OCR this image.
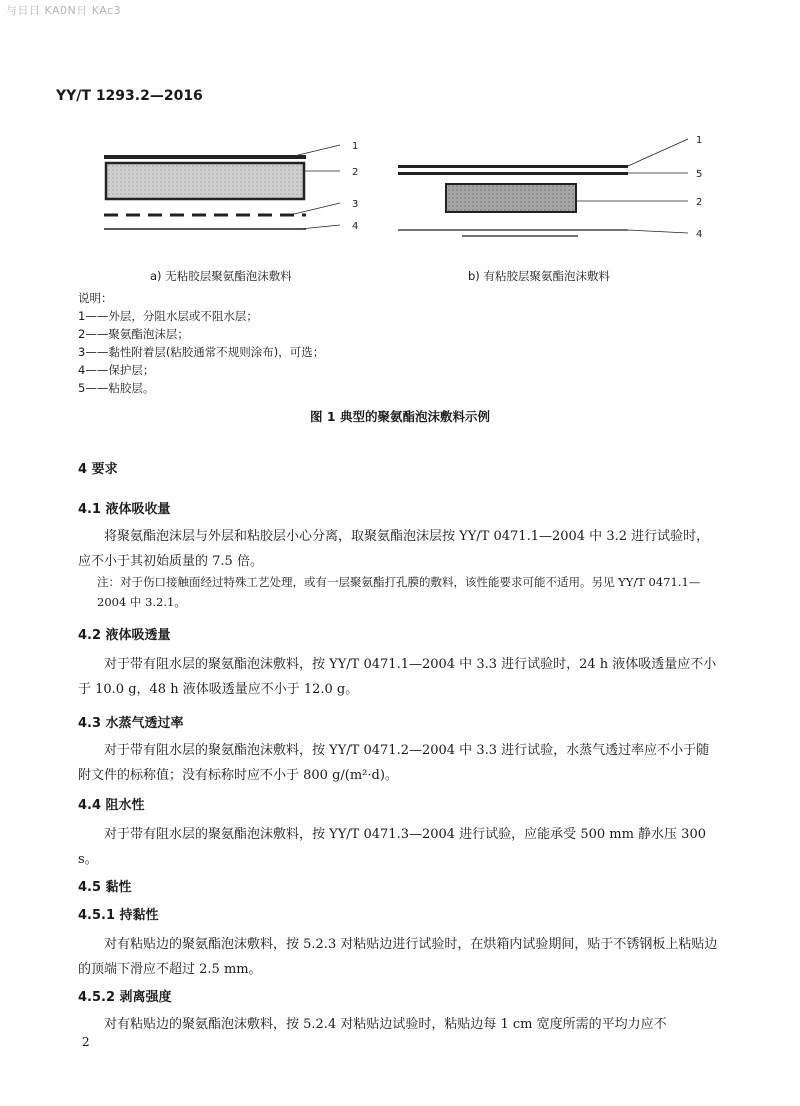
与日日 KA0N日 KAc3
YY/T 1293.2—2016
1
2
3
4
1
5
2
4
a) 无粘胶层聚氨酯泡沫敷料	b) 有粘胶层聚氨酯泡沫敷料
说明：
1——外层，分阻水层或不阻水层；
2——聚氨酯泡沫层；
3——黏性附着层(粘胶通常不规则涂布)，可选；
4——保护层；
5——粘胶层。
图 1 典型的聚氨酯泡沫敷料示例
4 要求
4.1 液体吸收量
将聚氨酯泡沫层与外层和粘胶层小心分离，取聚氨酯泡沫层按 YY/T 0471.1—2004 中 3.2 进行试验时，应不小于其初始质量的 7.5 倍。
注：对于伤口接触面经过特殊工艺处理，或有一层聚氨酯打孔膜的敷料，该性能要求可能不适用。另见 YY/T 0471.1—2004 中 3.2.1。
4.2 液体吸透量
对于带有阻水层的聚氨酯泡沫敷料，按 YY/T 0471.1—2004 中 3.3 进行试验时，24 h 液体吸透量应不小于 10.0 g，48 h 液体吸透量应不小于 12.0 g。
4.3 水蒸气透过率
对于带有阻水层的聚氨酯泡沫敷料，按 YY/T 0471.2—2004 中 3.3 进行试验，水蒸气透过率应不小于随附文件的标称值；没有标称时应不小于 800 g/(m²·d)。
4.4 阻水性
对于带有阻水层的聚氨酯泡沫敷料，按 YY/T 0471.3—2004 进行试验，应能承受 500 mm 静水压 300 s。
4.5 黏性
4.5.1 持黏性
对有粘贴边的聚氨酯泡沫敷料，按 5.2.3 对粘贴边进行试验时，在烘箱内试验期间，贴于不锈钢板上粘贴边的顶端下滑应不超过 2.5 mm。
4.5.2 剥离强度
对有粘贴边的聚氨酯泡沫敷料，按 5.2.4 对粘贴边试验时，粘贴边每 1 cm 宽度所需的平均力应不
2
